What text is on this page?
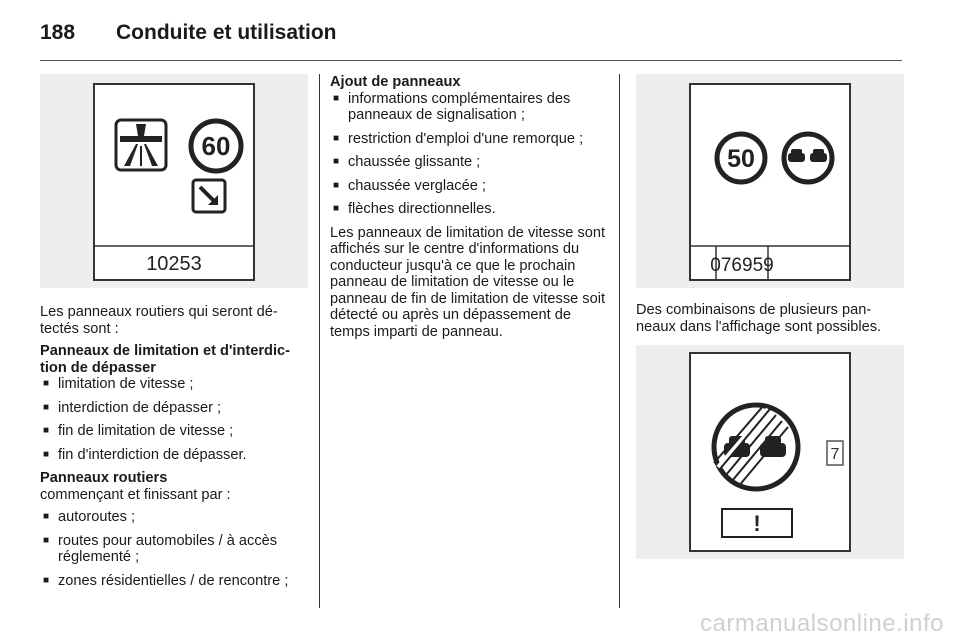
188	Conduite et utilisation
60
10253

Les panneaux routiers qui seront détectés sont :

Panneaux de limitation et d'interdiction de dépasser
■ limitation de vitesse ;
■ interdiction de dépasser ;
■ fin de limitation de vitesse ;
■ fin d'interdiction de dépasser.
Panneaux routiers

commençant et finissant par :

■ autoroutes ;
■ routes pour automobiles / à accès réglementé ;
■ zones résidentielles / de rencontre ;
Ajout de panneaux
■ informations complémentaires des panneaux de signalisation ;
■ restriction d'emploi d'une remorque ;
■ chaussée glissante ;
■ chaussée verglacée ;
■ flèches directionnelles.

Les panneaux de limitation de vitesse sont affichés sur le centre d'informations du conducteur jusqu'à ce que le prochain panneau de limitation de vitesse ou le panneau de fin de limitation de vitesse soit détecté ou après un dépassement de temps imparti de panneau.

50
076959

Des combinaisons de plusieurs panneaux dans l'affichage sont possibles.

7
!
carmanualsonline.info
